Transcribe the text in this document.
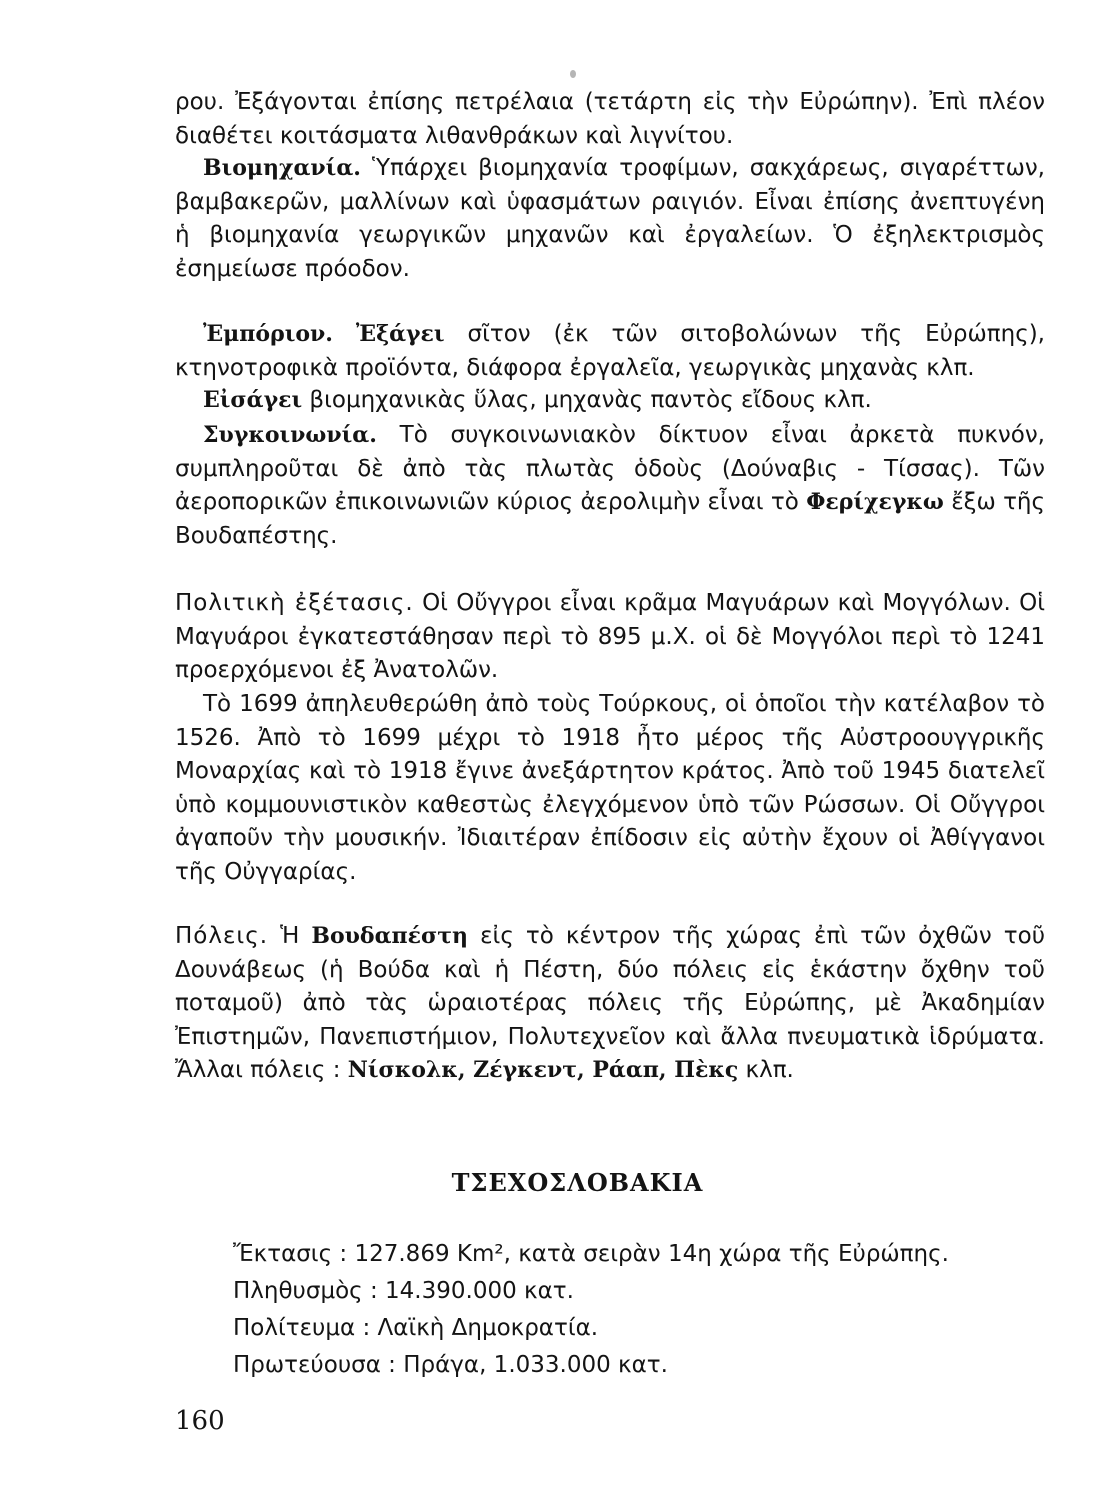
ρου. Ἐξάγονται ἐπίσης πετρέλαια (τετάρτη εἰς τὴν Εὐρώπην). Ἐπὶ πλέον διαθέτει κοιτάσματα λιθανθράκων καὶ λιγνίτου.

Βιομηχανία. Ὑπάρχει βιομηχανία τροφίμων, σακχάρεως, σιγαρέττων, βαμβακερῶν, μαλλίνων καὶ ὑφασμάτων ραιγιόν. Εἶναι ἐπίσης ἀνεπτυγένη ἡ βιομηχανία γεωργικῶν μηχανῶν καὶ ἐργαλείων. Ὁ ἐξηλεκτρισμὸς ἐσημείωσε πρόοδον.

Ἐμπόριον. Ἐξάγει σῖτον (ἐκ τῶν σιτοβολώνων τῆς Εὐρώπης), κτηνοτροφικὰ προϊόντα, διάφορα ἐργαλεῖα, γεωργικὰς μηχανὰς κλπ.

Εἰσάγει βιομηχανικὰς ὕλας, μηχανὰς παντὸς εἴδους κλπ.

Συγκοινωνία. Τὸ συγκοινωνιακὸν δίκτυον εἶναι ἀρκετὰ πυκνόν, συμπληροῦται δὲ ἀπὸ τὰς πλωτὰς ὁδοὺς (Δούναβις - Τίσσας). Τῶν ἀεροπορικῶν ἐπικοινωνιῶν κύριος ἀερολιμὴν εἶναι τὸ Φερίχεγκω ἔξω τῆς Βουδαπέστης.

Πολιτικὴ ἐξέτασις. Οἱ Οὔγγροι εἶναι κρᾶμα Μαγυάρων καὶ Μογγόλων. Οἱ Μαγυάροι ἐγκατεστάθησαν περὶ τὸ 895 μ.Χ. οἱ δὲ Μογγόλοι περὶ τὸ 1241 προερχόμενοι ἐξ Ἀνατολῶν.

Τὸ 1699 ἀπηλευθερώθη ἀπὸ τοὺς Τούρκους, οἱ ὁποῖοι τὴν κατέλαβον τὸ 1526. Ἀπὸ τὸ 1699 μέχρι τὸ 1918 ἦτο μέρος τῆς Αὐστροουγγρικῆς Μοναρχίας καὶ τὸ 1918 ἔγινε ἀνεξάρτητον κράτος. Ἀπὸ τοῦ 1945 διατελεῖ ὑπὸ κομμουνιστικὸν καθεστὼς ἐλεγχόμενον ὑπὸ τῶν Ρώσσων. Οἱ Οὔγγροι ἀγαποῦν τὴν μουσικήν. Ἰδιαιτέραν ἐπίδοσιν εἰς αὐτὴν ἔχουν οἱ Ἀθίγγανοι τῆς Οὐγγαρίας.

Πόλεις. Ἡ Βουδαπέστη εἰς τὸ κέντρον τῆς χώρας ἐπὶ τῶν ὀχθῶν τοῦ Δουνάβεως (ἡ Βούδα καὶ ἡ Πέστη, δύο πόλεις εἰς ἑκάστην ὄχθην τοῦ ποταμοῦ) ἀπὸ τὰς ὡραιοτέρας πόλεις τῆς Εὐρώπης, μὲ Ἀκαδημίαν Ἐπιστημῶν, Πανεπιστήμιον, Πολυτεχνεῖον καὶ ἄλλα πνευματικὰ ἱδρύματα. Ἄλλαι πόλεις : Νίσκολκ, Ζέγκεντ, Ράαπ, Πὲκς κλπ.

ΤΣΕΧΟΣΛΟΒΑΚΙΑ
Ἔκτασις : 127.869 Km², κατὰ σειρὰν 14η χώρα τῆς Εὐρώπης.
Πληθυσμὸς : 14.390.000 κατ.
Πολίτευμα : Λαϊκὴ Δημοκρατία.
Πρωτεύουσα : Πράγα, 1.033.000 κατ.
160
